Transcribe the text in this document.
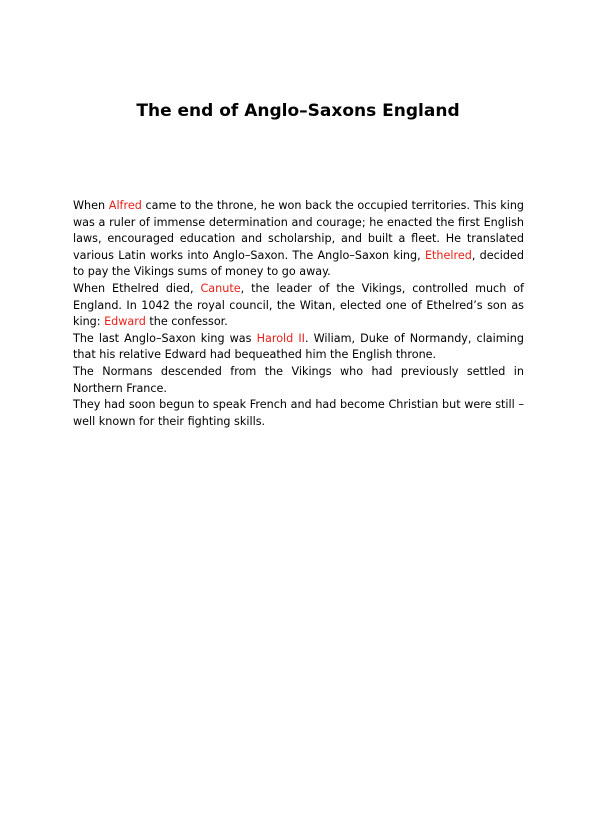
The end of Anglo–Saxons England

When Alfred came to the throne, he won back the occupied territories. This king was a ruler of immense determination and courage; he enacted the first English laws, encouraged education and scholarship, and built a fleet. He translated various Latin works into Anglo–Saxon. The Anglo–Saxon king, Ethelred, decided to pay the Vikings sums of money to go away.

When Ethelred died, Canute, the leader of the Vikings, controlled much of England. In 1042 the royal council, the Witan, elected one of Ethelred’s son as king: Edward the confessor.

The last Anglo–Saxon king was Harold II. Wiliam, Duke of Normandy, claiming that his relative Edward had bequeathed him the English throne.

The Normans descended from the Vikings who had previously settled in Northern France.

They had soon begun to speak French and had become Christian but were still – well known for their fighting skills.
